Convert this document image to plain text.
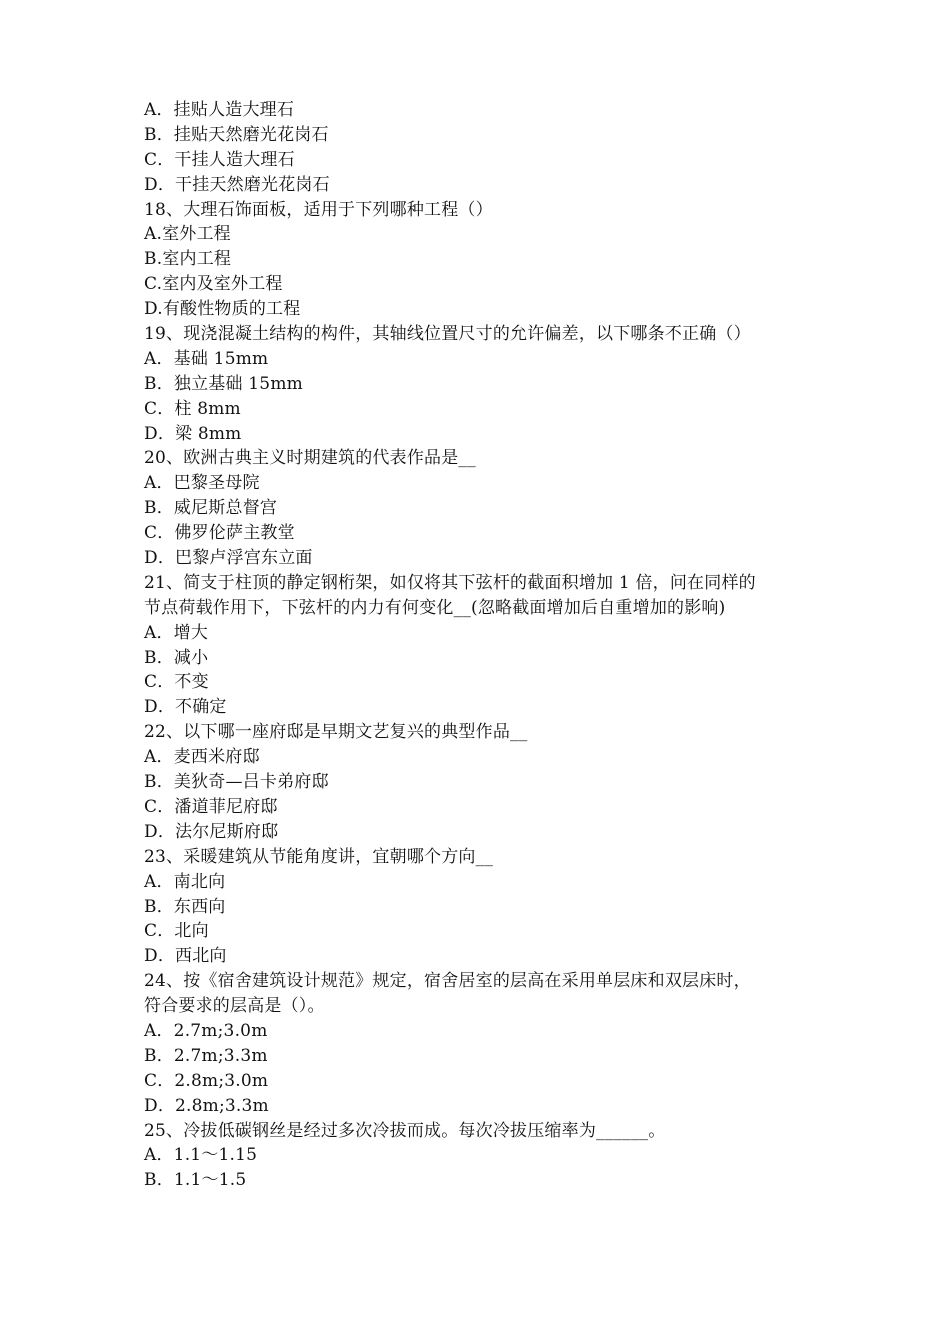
A．挂贴人造大理石
B．挂贴天然磨光花岗石
C．干挂人造大理石
D．干挂天然磨光花岗石
18、大理石饰面板，适用于下列哪种工程（）
A.室外工程
B.室内工程
C.室内及室外工程
D.有酸性物质的工程
19、现浇混凝土结构的构件，其轴线位置尺寸的允许偏差，以下哪条不正确（）
A．基础 15mm
B．独立基础 15mm
C．柱 8mm
D．梁 8mm
20、欧洲古典主义时期建筑的代表作品是__
A．巴黎圣母院
B．威尼斯总督宫
C．佛罗伦萨主教堂
D．巴黎卢浮宫东立面
21、简支于柱顶的静定钢桁架，如仅将其下弦杆的截面积增加 1 倍，问在同样的
节点荷载作用下，下弦杆的内力有何变化__(忽略截面增加后自重增加的影响)
A．增大
B．减小
C．不变
D．不确定
22、以下哪一座府邸是早期文艺复兴的典型作品__
A．麦西米府邸
B．美狄奇—吕卡弟府邸
C．潘道菲尼府邸
D．法尔尼斯府邸
23、采暖建筑从节能角度讲，宜朝哪个方向__
A．南北向
B．东西向
C．北向
D．西北向
24、按《宿舍建筑设计规范》规定，宿舍居室的层高在采用单层床和双层床时，
符合要求的层高是（）。
A．2.7m;3.0m
B．2.7m;3.3m
C．2.8m;3.0m
D．2.8m;3.3m
25、冷拔低碳钢丝是经过多次冷拔而成。每次冷拔压缩率为______。
A．1.1～1.15
B．1.1～1.5
